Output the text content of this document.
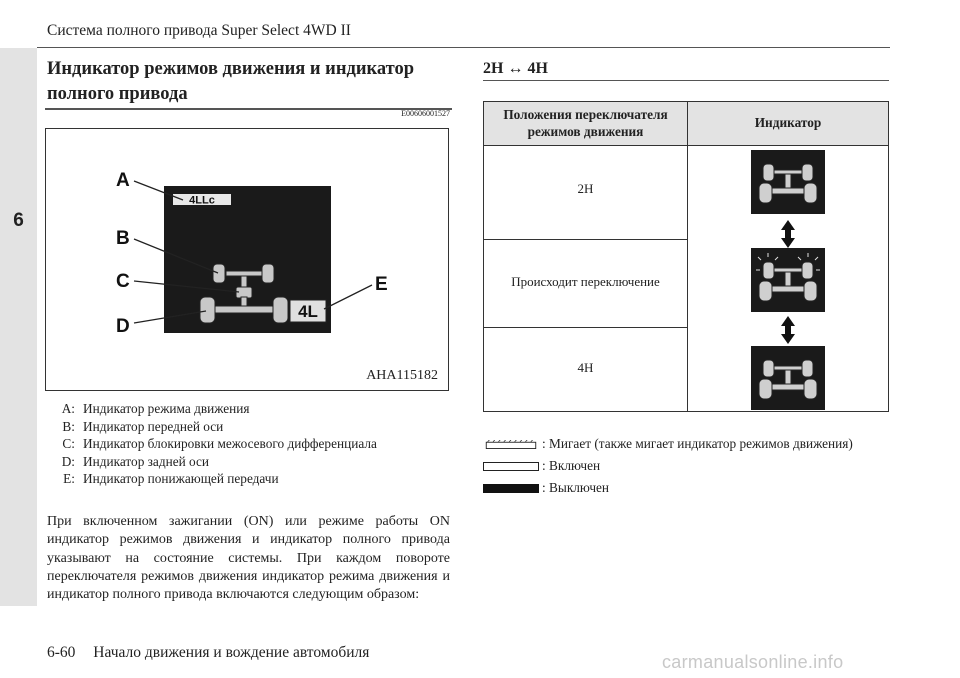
6
Система полного привода Super Select 4WD II
Индикатор режимов движения и индикатор полного привода
E00606001527
4LLc
4L
A
B
C
D
E
AHA115182
A: Индикатор режима движения
B: Индикатор передней оси
C: Индикатор блокировки межосевого дифференциала
D: Индикатор задней оси
E: Индикатор понижающей передачи
При включенном зажигании (ON) или режиме работы ON индикатор режимов движения и индикатор полного привода указывают на состояние системы. При каждом повороте переключателя режимов движения индикатор режима движения и индикатор полного привода включаются следующим образом:
2H ↔ 4H
Положения переключателя режимов движения
Индикатор
2H
Происходит переключение
4H
: Мигает (также мигает индикатор режимов движения)
: Включен
: Выключен
6-60 Начало движения и вождение автомобиля	carmanualsonline.info
